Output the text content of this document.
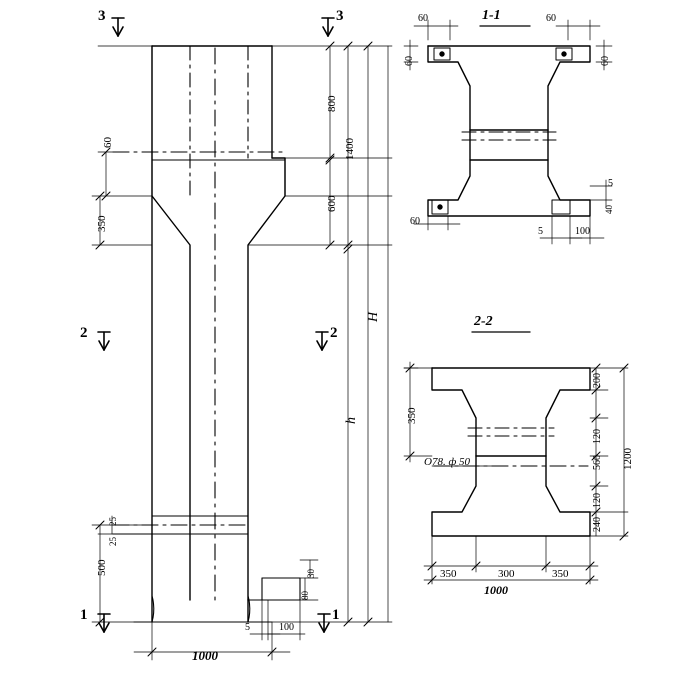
3	3
2	2
1	1
800
1400
600
350
60
H
h
500
25
25
1000
5	100
30
80
1-1
60	60
60	60
60
5
40
5	100
2-2
350
200
120
560
120
240
1200
350	300	350
1000
О78. ф 50
